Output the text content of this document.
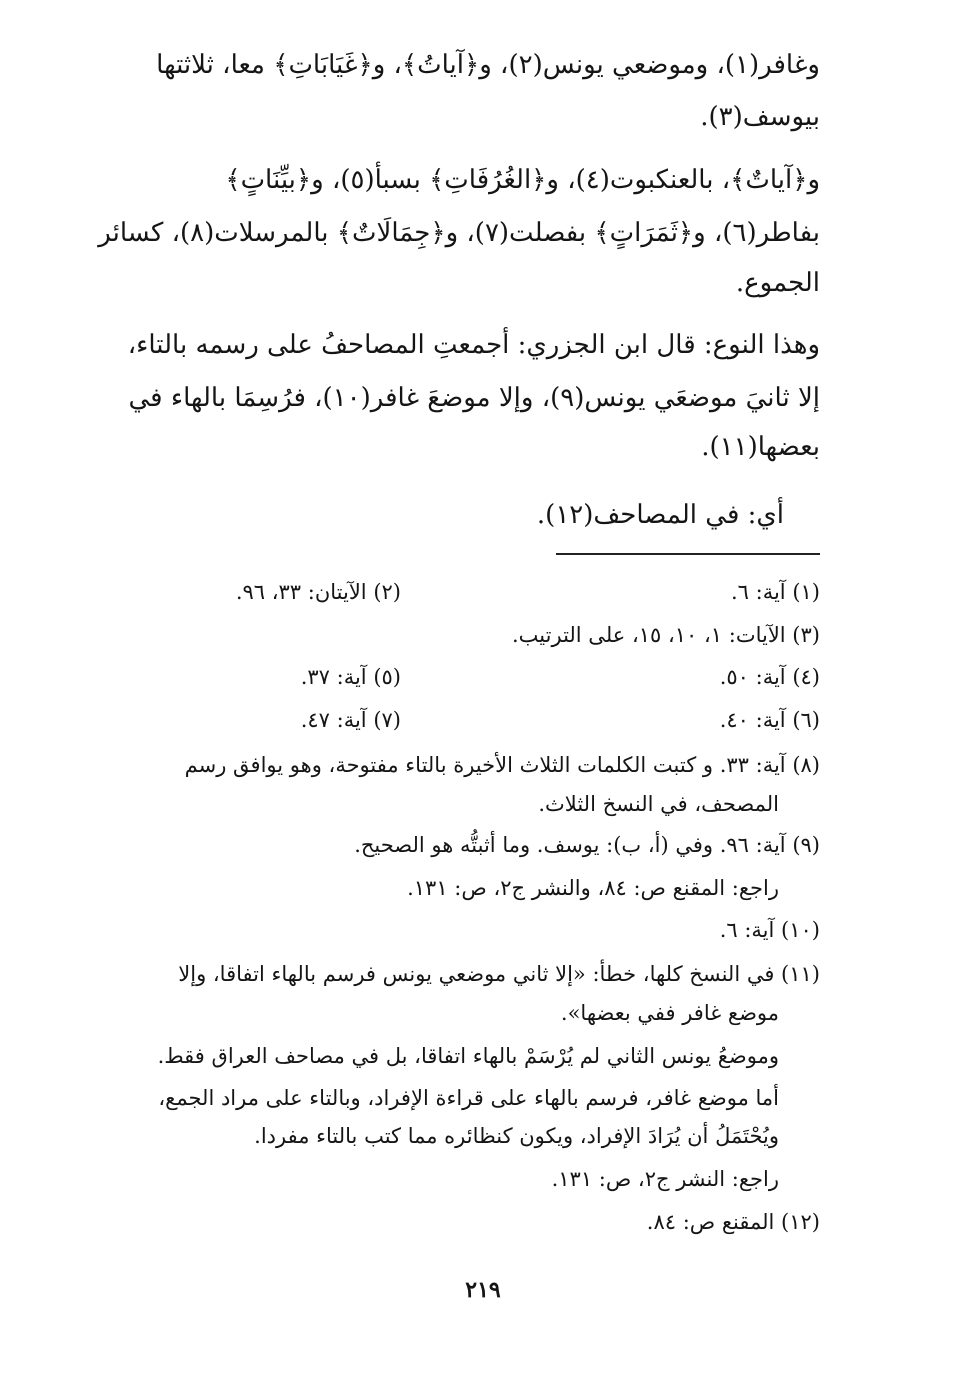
وغافر(١)، وموضعي يونس(٢)، و﴿آياتُ﴾، و﴿غَيَابَاتِ﴾ معا، ثلاثتها
بيوسف(٣).
و﴿آياتٌ﴾، بالعنكبوت(٤)، و﴿الغُرُفَاتِ﴾ بسبأ(٥)، و﴿بيِّنَاتٍ﴾
بفاطر(٦)، و﴿ثَمَرَاتٍ﴾ بفصلت(٧)، و﴿جِمَالَاتٌ﴾ بالمرسلات(٨)، كسائر
الجموع.
وهذا النوع: قال ابن الجزري: أجمعتِ المصاحفُ على رسمه بالتاء،
إلا ثانيَ موضعَي يونس(٩)، وإلا موضعَ غافر(١٠)، فرُسِمَا بالهاء في
بعضها(١١).
أي: في المصاحف(١٢).
(١) آية: ٦.
(٢) الآيتان: ٣٣، ٩٦.
(٣) الآيات: ١، ١٠، ١٥، على الترتيب.
(٤) آية: ٥٠.
(٥) آية: ٣٧.
(٦) آية: ٤٠.
(٧) آية: ٤٧.
(٨) آية: ٣٣. و كتبت الكلمات الثلاث الأخيرة بالتاء مفتوحة، وهو يوافق رسم
المصحف، في النسخ الثلاث.
(٩) آية: ٩٦. وفي (أ، ب): يوسف. وما أثبتُّه هو الصحيح.
راجع: المقنع ص: ٨٤، والنشر ج٢، ص: ١٣١.
(١٠) آية: ٦.
(١١) في النسخ كلها، خطأ: «إلا ثاني موضعي يونس فرسم بالهاء اتفاقا، وإلا
موضع غافر ففي بعضها».
وموضعُ يونس الثاني لم يُرْسَمْ بالهاء اتفاقا، بل في مصاحف العراق فقط.
أما موضع غافر، فرسم بالهاء على قراءة الإفراد، وبالتاء على مراد الجمع،
ويُحْتَمَلُ أن يُرَادَ الإفراد، ويكون كنظائره مما كتب بالتاء مفردا.
راجع: النشر ج٢، ص: ١٣١.
(١٢) المقنع ص: ٨٤.
٢١٩
